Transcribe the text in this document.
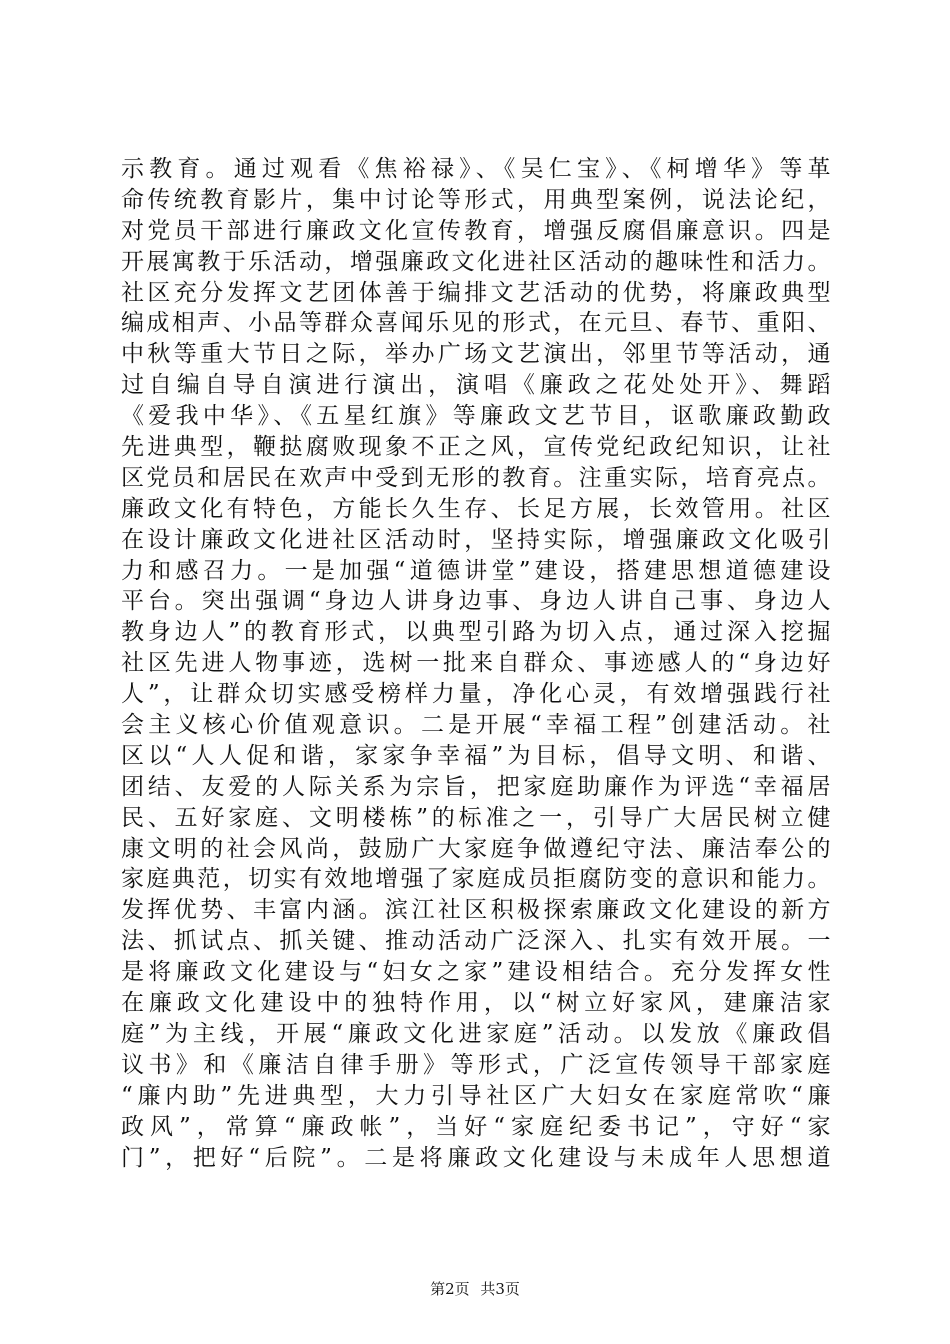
示教育。通过观看《焦裕禄》、《吴仁宝》、《柯增华》等革
命传统教育影片，集中讨论等形式，用典型案例，说法论纪，
对党员干部进行廉政文化宣传教育，增强反腐倡廉意识。四是
开展寓教于乐活动，增强廉政文化进社区活动的趣味性和活力。
社区充分发挥文艺团体善于编排文艺活动的优势，将廉政典型
编成相声、小品等群众喜闻乐见的形式，在元旦、春节、重阳、
中秋等重大节日之际，举办广场文艺演出，邻里节等活动，通
过自编自导自演进行演出，演唱《廉政之花处处开》、舞蹈
《爱我中华》、《五星红旗》等廉政文艺节目，讴歌廉政勤政
先进典型，鞭挞腐败现象不正之风，宣传党纪政纪知识，让社
区党员和居民在欢声中受到无形的教育。注重实际，培育亮点。
廉政文化有特色，方能长久生存、长足方展，长效管用。社区
在设计廉政文化进社区活动时，坚持实际，增强廉政文化吸引
力和感召力。一是加强“道德讲堂”建设，搭建思想道德建设
平台。突出强调“身边人讲身边事、身边人讲自己事、身边人
教身边人”的教育形式，以典型引路为切入点，通过深入挖掘
社区先进人物事迹，选树一批来自群众、事迹感人的“身边好
人”，让群众切实感受榜样力量，净化心灵，有效增强践行社
会主义核心价值观意识。二是开展“幸福工程”创建活动。社
区以“人人促和谐，家家争幸福”为目标，倡导文明、和谐、
团结、友爱的人际关系为宗旨，把家庭助廉作为评选“幸福居
民、五好家庭、文明楼栋”的标准之一，引导广大居民树立健
康文明的社会风尚，鼓励广大家庭争做遵纪守法、廉洁奉公的
家庭典范，切实有效地增强了家庭成员拒腐防变的意识和能力。
发挥优势、丰富内涵。滨江社区积极探索廉政文化建设的新方
法、抓试点、抓关键、推动活动广泛深入、扎实有效开展。一
是将廉政文化建设与“妇女之家”建设相结合。充分发挥女性
在廉政文化建设中的独特作用，以“树立好家风，建廉洁家
庭”为主线，开展“廉政文化进家庭”活动。以发放《廉政倡
议书》和《廉洁自律手册》等形式，广泛宣传领导干部家庭
“廉内助”先进典型，大力引导社区广大妇女在家庭常吹“廉
政风”，常算“廉政帐”，当好“家庭纪委书记”，守好“家
门”，把好“后院”。二是将廉政文化建设与未成年人思想道
第2页 共3页
